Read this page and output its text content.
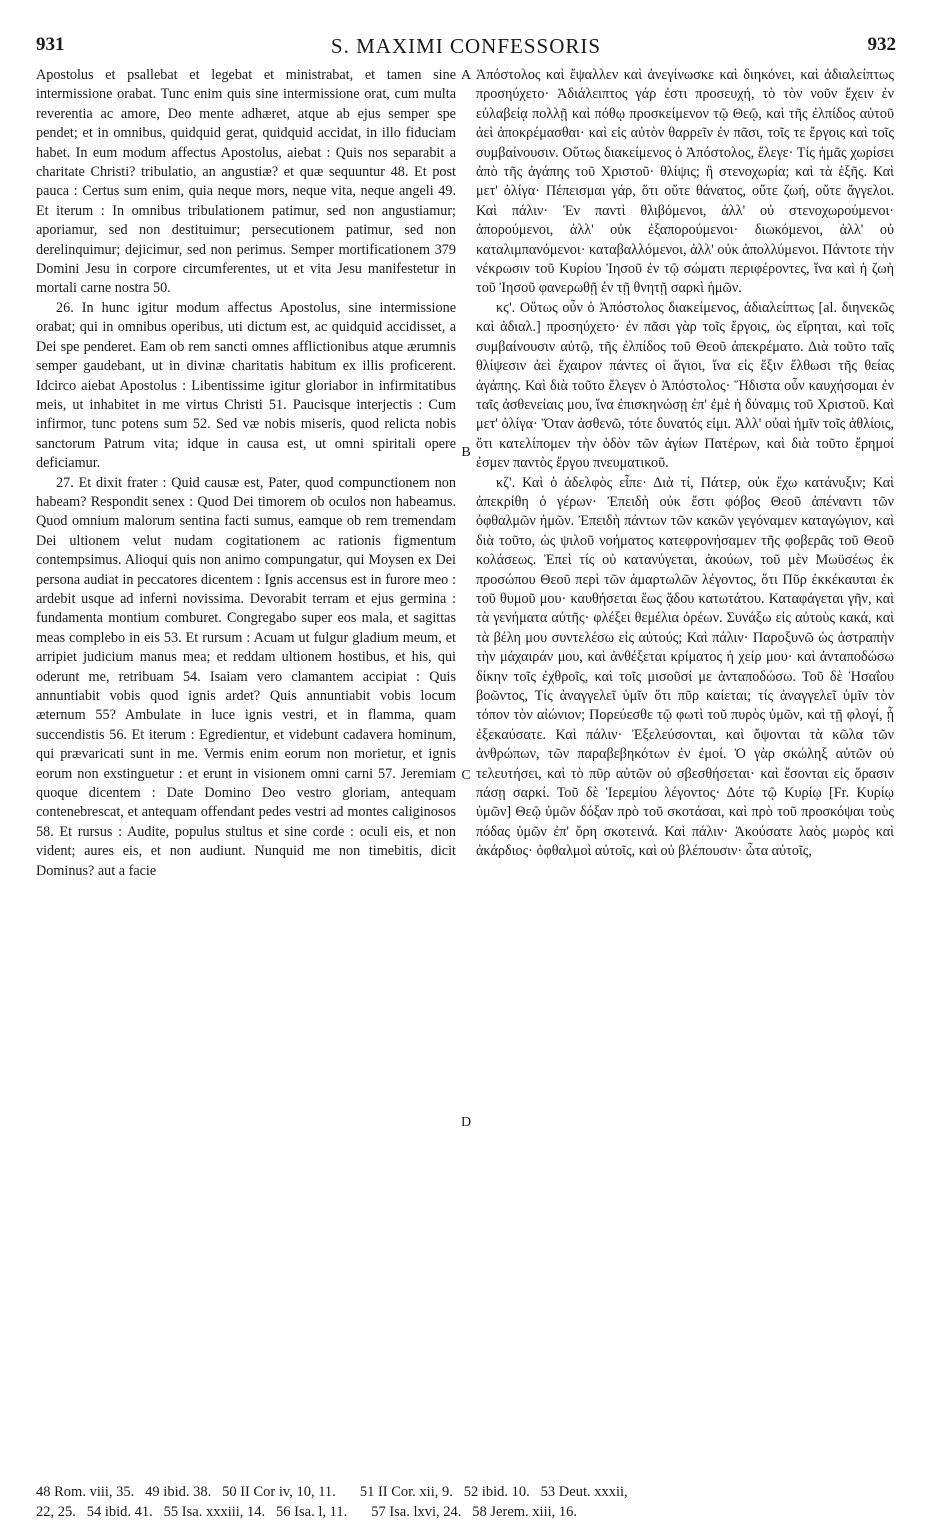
931	S. MAXIMI CONFESSORIS	932

Apostolus et psallebat et legebat et ministrabat, et tamen sine intermissione orabat. Tunc enim quis sine intermissione orat, cum multa reverentia ac amore, Deo mente adhæret, atque ab ejus semper spe pendet; et in omnibus, quidquid gerat, quidquid accidat, in illo fiduciam habet. In eum modum affectus Apostolus, aiebat : Quis nos separabit a charitate Christi? tribulatio, an angustiæ? et quæ sequuntur 48. Et post pauca : Certus sum enim, quia neque mors, neque vita, neque angeli 49. Et iterum : In omnibus tribulationem patimur, sed non angustiamur; aporiamur, sed non destituimur; persecutionem patimur, sed non derelinquimur; dejicimur, sed non perimus. Semper mortificationem 379 Domini Jesu in corpore circumferentes, ut et vita Jesu manifestetur in mortali carne nostra 50.

26. In hunc igitur modum affectus Apostolus, sine intermissione orabat; qui in omnibus operibus, uti dictum est, ac quidquid accidisset, a Dei spe penderet. Eam ob rem sancti omnes afflictionibus atque ærumnis semper gaudebant, ut in divinæ charitatis habitum ex illis proficerent. Idcirco aiebat Apostolus : Libentissime igitur gloriabor in infirmitatibus meis, ut inhabitet in me virtus Christi 51. Paucisque interjectis : Cum infirmor, tunc potens sum 52. Sed væ nobis miseris, quod relicta nobis sanctorum Patrum vita; idque in causa est, ut omni spiritali opere deficiamur.

27. Et dixit frater : Quid causæ est, Pater, quod compunctionem non habeam? Respondit senex : Quod Dei timorem ob oculos non habeamus. Quod omnium malorum sentina facti sumus, eamque ob rem tremendam Dei ultionem velut nudam cogitationem ac rationis figmentum contempsimus. Alioqui quis non animo compungatur, qui Moysen ex Dei persona audiat in peccatores dicentem : Ignis accensus est in furore meo : ardebit usque ad inferni novissima. Devorabit terram et ejus germina : fundamenta montium comburet. Congregabo super eos mala, et sagittas meas complebo in eis 53. Et rursum : Acuam ut fulgur gladium meum, et arripiet judicium manus mea; et reddam ultionem hostibus, et his, qui oderunt me, retribuam 54. Isaiam vero clamantem accipiat : Quis annuntiabit vobis quod ignis ardet? Quis annuntiabit vobis locum æternum 55? Ambulate in luce ignis vestri, et in flamma, quam succendistis 56. Et iterum : Egredientur, et videbunt cadavera hominum, qui prævaricati sunt in me. Vermis enim eorum non morietur, et ignis eorum non exstinguetur : et erunt in visionem omni carni 57. Jeremiam quoque dicentem : Date Domino Deo vestro gloriam, antequam contenebrescat, et antequam offendant pedes vestri ad montes caliginosos 58. Et rursus : Audite, populus stultus et sine corde : oculi eis, et non vident; aures eis, et non audiunt. Nunquid me non timebitis, dicit Dominus? aut a facie

A
B
C
D

Ἀπόστολος καὶ ἔψαλλεν καὶ ἀνεγίνωσκε καὶ διηκόνει, καὶ ἀδιαλείπτως προσηύχετο· Ἀδιάλειπτος γάρ ἐστι προσευχή, τὸ τὸν νοῦν ἔχειν ἐν εὐλαβείᾳ πολλῇ καὶ πόθῳ προσκείμενον τῷ Θεῷ, καὶ τῆς ἐλπίδος αὐτοῦ ἀεὶ ἀποκρέμασθαι· καὶ εἰς αὐτὸν θαρρεῖν ἐν πᾶσι, τοῖς τε ἔργοις καὶ τοῖς συμβαίνουσιν. Οὕτως διακείμενος ὁ Ἀπόστολος, ἔλεγε· Τίς ἡμᾶς χωρίσει ἀπὸ τῆς ἀγάπης τοῦ Χριστοῦ· θλίψις; ἢ στενοχωρία; καὶ τὰ ἑξῆς. Καὶ μετ' ὀλίγα· Πέπεισμαι γάρ, ὅτι οὔτε θάνατος, οὔτε ζωή, οὔτε ἄγγελοι. Καὶ πάλιν· Ἐν παντὶ θλιβόμενοι, ἀλλ' οὐ στενοχωρούμενοι· ἀπορούμενοι, ἀλλ' οὐκ ἐξαπορούμενοι· διωκόμενοι, ἀλλ' οὐ καταλιμπανόμενοι· καταβαλλόμενοι, ἀλλ' οὐκ ἀπολλύμενοι. Πάντοτε τὴν νέκρωσιν τοῦ Κυρίου Ἰησοῦ ἐν τῷ σώματι περιφέροντες, ἵνα καὶ ἡ ζωὴ τοῦ Ἰησοῦ φανερωθῇ ἐν τῇ θνητῇ σαρκὶ ἡμῶν.

κϛ'. Οὕτως οὖν ὁ Ἀπόστολος διακείμενος, ἀδιαλείπτως [al. διηνεκῶς καὶ ἀδιαλ.] προσηύχετο· ἐν πᾶσι γὰρ τοῖς ἔργοις, ὡς εἴρηται, καὶ τοῖς συμβαίνουσιν αὐτῷ, τῆς ἐλπίδος τοῦ Θεοῦ ἀπεκρέματο. Διὰ τοῦτο ταῖς θλίψεσιν ἀεὶ ἔχαιρον πάντες οἱ ἅγιοι, ἵνα εἰς ἕξιν ἔλθωσι τῆς θείας ἀγάπης. Καὶ διὰ τοῦτο ἔλεγεν ὁ Ἀπόστολος· Ἥδιστα οὖν καυχήσομαι ἐν ταῖς ἀσθενείαις μου, ἵνα ἐπισκηνώσῃ ἐπ' ἐμὲ ἡ δύναμις τοῦ Χριστοῦ. Καὶ μετ' ὀλίγα· Ὅταν ἀσθενῶ, τότε δυνατός εἰμι. Ἀλλ' οὐαὶ ἡμῖν τοῖς ἀθλίοις, ὅτι κατελίπομεν τὴν ὁδὸν τῶν ἁγίων Πατέρων, καὶ διὰ τοῦτο ἔρημοί ἐσμεν παντὸς ἔργου πνευματικοῦ.

κζ'. Καὶ ὁ ἀδελφὸς εἶπε· Διὰ τί, Πάτερ, οὐκ ἔχω κατάνυξιν; Καὶ ἀπεκρίθη ὁ γέρων· Ἐπειδὴ οὐκ ἔστι φόβος Θεοῦ ἀπέναντι τῶν ὀφθαλμῶν ἡμῶν. Ἐπειδὴ πάντων τῶν κακῶν γεγόναμεν καταγώγιον, καὶ διὰ τοῦτο, ὡς ψιλοῦ νοήματος κατεφρονήσαμεν τῆς φοβερᾶς τοῦ Θεοῦ κολάσεως. Ἐπεὶ τίς οὐ κατανύγεται, ἀκούων, τοῦ μὲν Μωϋσέως ἐκ προσώπου Θεοῦ περὶ τῶν ἁμαρτωλῶν λέγοντος, ὅτι Πῦρ ἐκκέκαυται ἐκ τοῦ θυμοῦ μου· καυθήσεται ἕως ᾅδου κατωτάτου. Καταφάγεται γῆν, καὶ τὰ γενήματα αὐτῆς· φλέξει θεμέλια ὀρέων. Συνάξω εἰς αὐτοὺς κακά, καὶ τὰ βέλη μου συντελέσω εἰς αὐτούς; Καὶ πάλιν· Παροξυνῶ ὡς ἀστραπὴν τὴν μάχαιράν μου, καὶ ἀνθέξεται κρίματος ἡ χείρ μου· καὶ ἀνταποδώσω δίκην τοῖς ἐχθροῖς, καὶ τοῖς μισοῦσί με ἀνταποδώσω. Τοῦ δὲ Ἡσαΐου βοῶντος, Τίς ἀναγγελεῖ ὑμῖν ὅτι πῦρ καίεται; τίς ἀναγγελεῖ ὑμῖν τὸν τόπον τὸν αἰώνιον; Πορεύεσθε τῷ φωτὶ τοῦ πυρὸς ὑμῶν, καὶ τῇ φλογί, ᾗ ἐξεκαύσατε. Καὶ πάλιν· Ἐξελεύσονται, καὶ ὄψονται τὰ κῶλα τῶν ἀνθρώπων, τῶν παραβεβηκότων ἐν ἐμοί. Ὁ γὰρ σκώληξ αὐτῶν οὐ τελευτήσει, καὶ τὸ πῦρ αὐτῶν οὐ σβεσθήσεται· καὶ ἔσονται εἰς ὅρασιν πάσῃ σαρκί. Τοῦ δὲ Ἱερεμίου λέγοντος· Δότε τῷ Κυρίῳ [Fr. Κυρίῳ ὑμῶν] Θεῷ ὑμῶν δόξαν πρὸ τοῦ σκοτάσαι, καὶ πρὸ τοῦ προσκόψαι τοὺς πόδας ὑμῶν ἐπ' ὄρη σκοτεινά. Καὶ πάλιν· Ἀκούσατε λαὸς μωρὸς καὶ ἀκάρδιος· ὀφθαλμοὶ αὐτοῖς, καὶ οὐ βλέπουσιν· ὦτα αὐτοῖς,

48 Rom. viii, 35.   49 ibid. 38.   50 II Cor iv, 10, 11. 51 II Cor. xii, 9.   52 ibid. 10.   53 Deut. xxxii,
22, 25.   54 ibid. 41.   55 Isa. xxxiii, 14.   56 Isa. l, 11. 57 Isa. lxvi, 24.   58 Jerem. xiii, 16.
